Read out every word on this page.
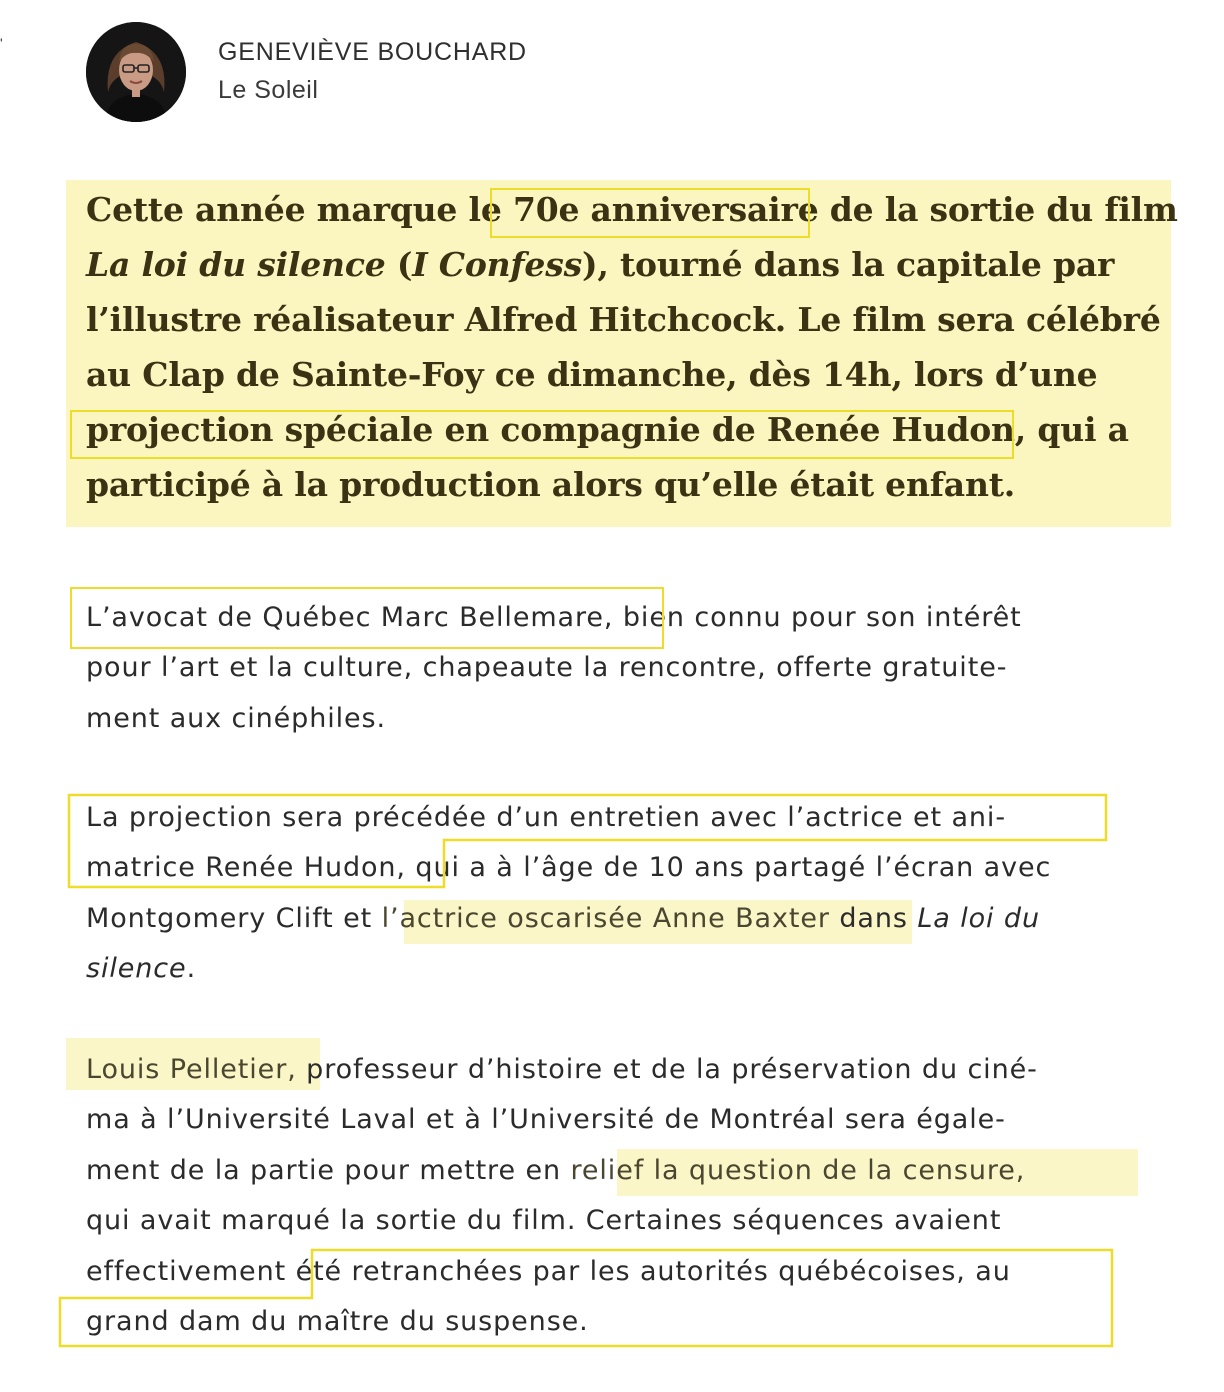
'	GENEVIÈVE BOUCHARD
Le Soleil
Cette année marque le 70e anniversaire de la sortie du film
La loi du silence (I Confess), tourné dans la capitale par
l’illustre réalisateur Alfred Hitchcock. Le film sera célébré
au Clap de Sainte-Foy ce dimanche, dès 14h, lors d’une
projection spéciale en compagnie de Renée Hudon, qui a
participé à la production alors qu’elle était enfant.
L’avocat de Québec Marc Bellemare, bien connu pour son intérêt
pour l’art et la culture, chapeaute la rencontre, offerte gratuite-
ment aux cinéphiles.
La projection sera précédée d’un entretien avec l’actrice et ani-
matrice Renée Hudon, qui a à l’âge de 10 ans partagé l’écran avec
Montgomery Clift et l’actrice oscarisée Anne Baxter dans La loi du
silence.
Louis Pelletier, professeur d’histoire et de la préservation du ciné-
ma à l’Université Laval et à l’Université de Montréal sera égale-
ment de la partie pour mettre en relief la question de la censure,
qui avait marqué la sortie du film. Certaines séquences avaient
effectivement été retranchées par les autorités québécoises, au
grand dam du maître du suspense.
